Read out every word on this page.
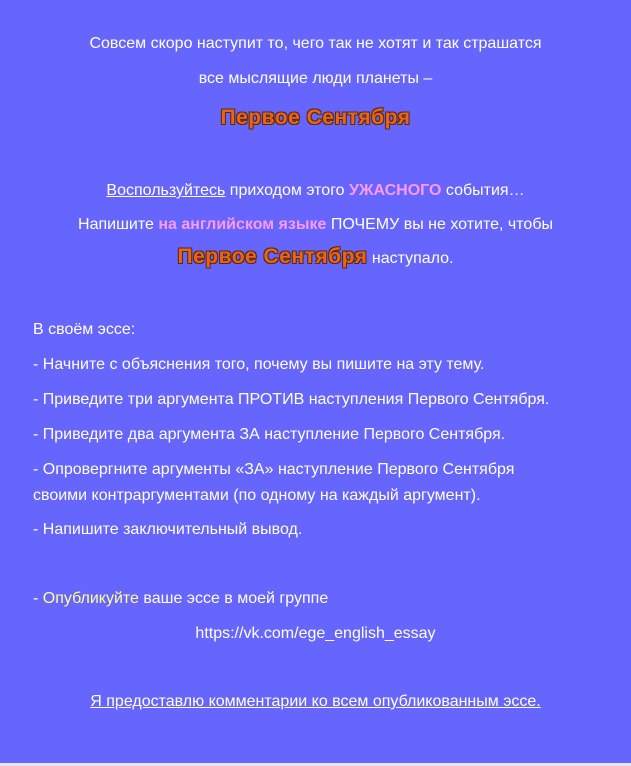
Совсем скоро наступит то, чего так не хотят и так страшатся
все мыслящие люди планеты –
Первое Сентября
Воспользуйтесь приходом этого УЖАСНОГО события…
Напишите на английском языке ПОЧЕМУ вы не хотите, чтобы
Первое Сентября наступало.
В своём эссе:
- Начните с объяснения того, почему вы пишите на эту тему.
- Приведите три аргумента ПРОТИВ наступления Первого Сентября.
- Приведите два аргумента ЗА наступление Первого Сентября.
- Опровергните аргументы «ЗА» наступление Первого Сентября
своими контраргументами (по одному на каждый аргумент).
- Напишите заключительный вывод.
- Опубликуйте ваше эссе в моей группе
https://vk.com/ege_english_essay
Я предоставлю комментарии ко всем опубликованным эссе.
